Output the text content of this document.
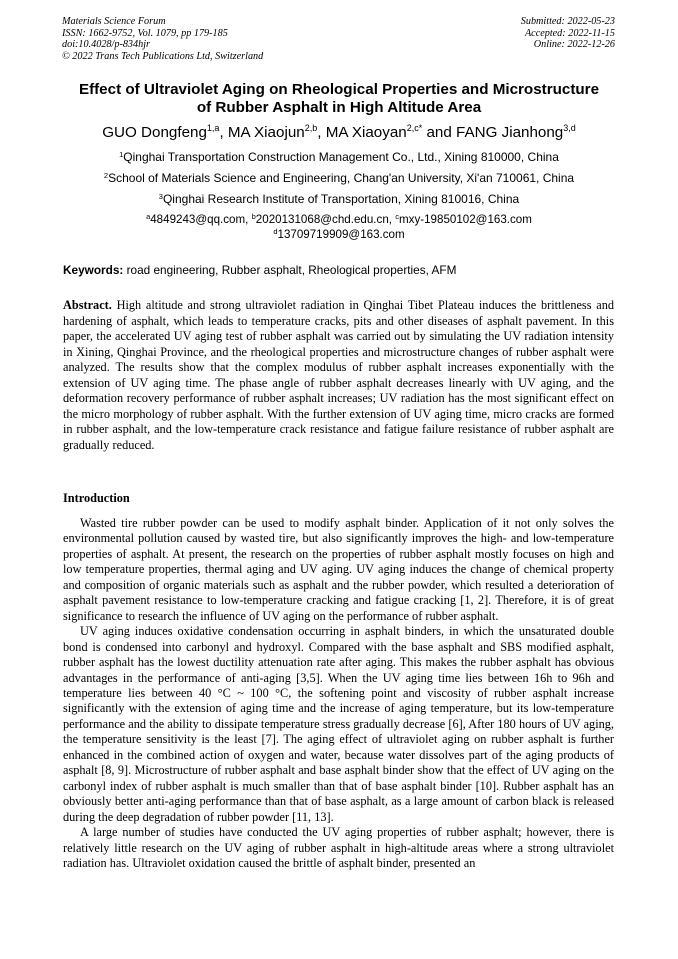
Materials Science Forum
ISSN: 1662-9752, Vol. 1079, pp 179-185
doi:10.4028/p-834hjr
© 2022 Trans Tech Publications Ltd, Switzerland
Submitted: 2022-05-23
Accepted: 2022-11-15
Online: 2022-12-26
Effect of Ultraviolet Aging on Rheological Properties and Microstructure
of Rubber Asphalt in High Altitude Area
GUO Dongfeng$^{1,a}$, MA Xiaojun$^{2,b}$, MA Xiaoyan$^{2,c*}$ and FANG Jianhong$^{3,d}$
$^1$Qinghai Transportation Construction Management Co., Ltd., Xining 810000, China
$^2$School of Materials Science and Engineering, Chang'an University, Xi'an 710061, China
$^3$Qinghai Research Institute of Transportation, Xining 810016, China
$^a$4849243@qq.com, $^b$2020131068@chd.edu.cn, $^c$mxy-19850102@163.com
$^d$13709719909@163.com
Keywords: road engineering, Rubber asphalt, Rheological properties, AFM
Abstract. High altitude and strong ultraviolet radiation in Qinghai Tibet Plateau induces the brittleness and hardening of asphalt, which leads to temperature cracks, pits and other diseases of asphalt pavement. In this paper, the accelerated UV aging test of rubber asphalt was carried out by simulating the UV radiation intensity in Xining, Qinghai Province, and the rheological properties and microstructure changes of rubber asphalt were analyzed. The results show that the complex modulus of rubber asphalt increases exponentially with the extension of UV aging time. The phase angle of rubber asphalt decreases linearly with UV aging, and the deformation recovery performance of rubber asphalt increases; UV radiation has the most significant effect on the micro morphology of rubber asphalt. With the further extension of UV aging time, micro cracks are formed in rubber asphalt, and the low-temperature crack resistance and fatigue failure resistance of rubber asphalt are gradually reduced.
Introduction

Wasted tire rubber powder can be used to modify asphalt binder. Application of it not only solves the environmental pollution caused by wasted tire, but also significantly improves the high- and low-temperature properties of asphalt. At present, the research on the properties of rubber asphalt mostly focuses on high and low temperature properties, thermal aging and UV aging. UV aging induces the change of chemical property and composition of organic materials such as asphalt and the rubber powder, which resulted a deterioration of asphalt pavement resistance to low-temperature cracking and fatigue cracking [1, 2]. Therefore, it is of great significance to research the influence of UV aging on the performance of rubber asphalt.

UV aging induces oxidative condensation occurring in asphalt binders, in which the unsaturated double bond is condensed into carbonyl and hydroxyl. Compared with the base asphalt and SBS modified asphalt, rubber asphalt has the lowest ductility attenuation rate after aging. This makes the rubber asphalt has obvious advantages in the performance of anti-aging [3,5]. When the UV aging time lies between 16h to 96h and temperature lies between 40 °C ~ 100 °C, the softening point and viscosity of rubber asphalt increase significantly with the extension of aging time and the increase of aging temperature, but its low-temperature performance and the ability to dissipate temperature stress gradually decrease [6], After 180 hours of UV aging, the temperature sensitivity is the least [7]. The aging effect of ultraviolet aging on rubber asphalt is further enhanced in the combined action of oxygen and water, because water dissolves part of the aging products of asphalt [8, 9]. Microstructure of rubber asphalt and base asphalt binder show that the effect of UV aging on the carbonyl index of rubber asphalt is much smaller than that of base asphalt binder [10]. Rubber asphalt has an obviously better anti-aging performance than that of base asphalt, as a large amount of carbon black is released during the deep degradation of rubber powder [11, 13].

A large number of studies have conducted the UV aging properties of rubber asphalt; however, there is relatively little research on the UV aging of rubber asphalt in high-altitude areas where a strong ultraviolet radiation has. Ultraviolet oxidation caused the brittle of asphalt binder, presented an
